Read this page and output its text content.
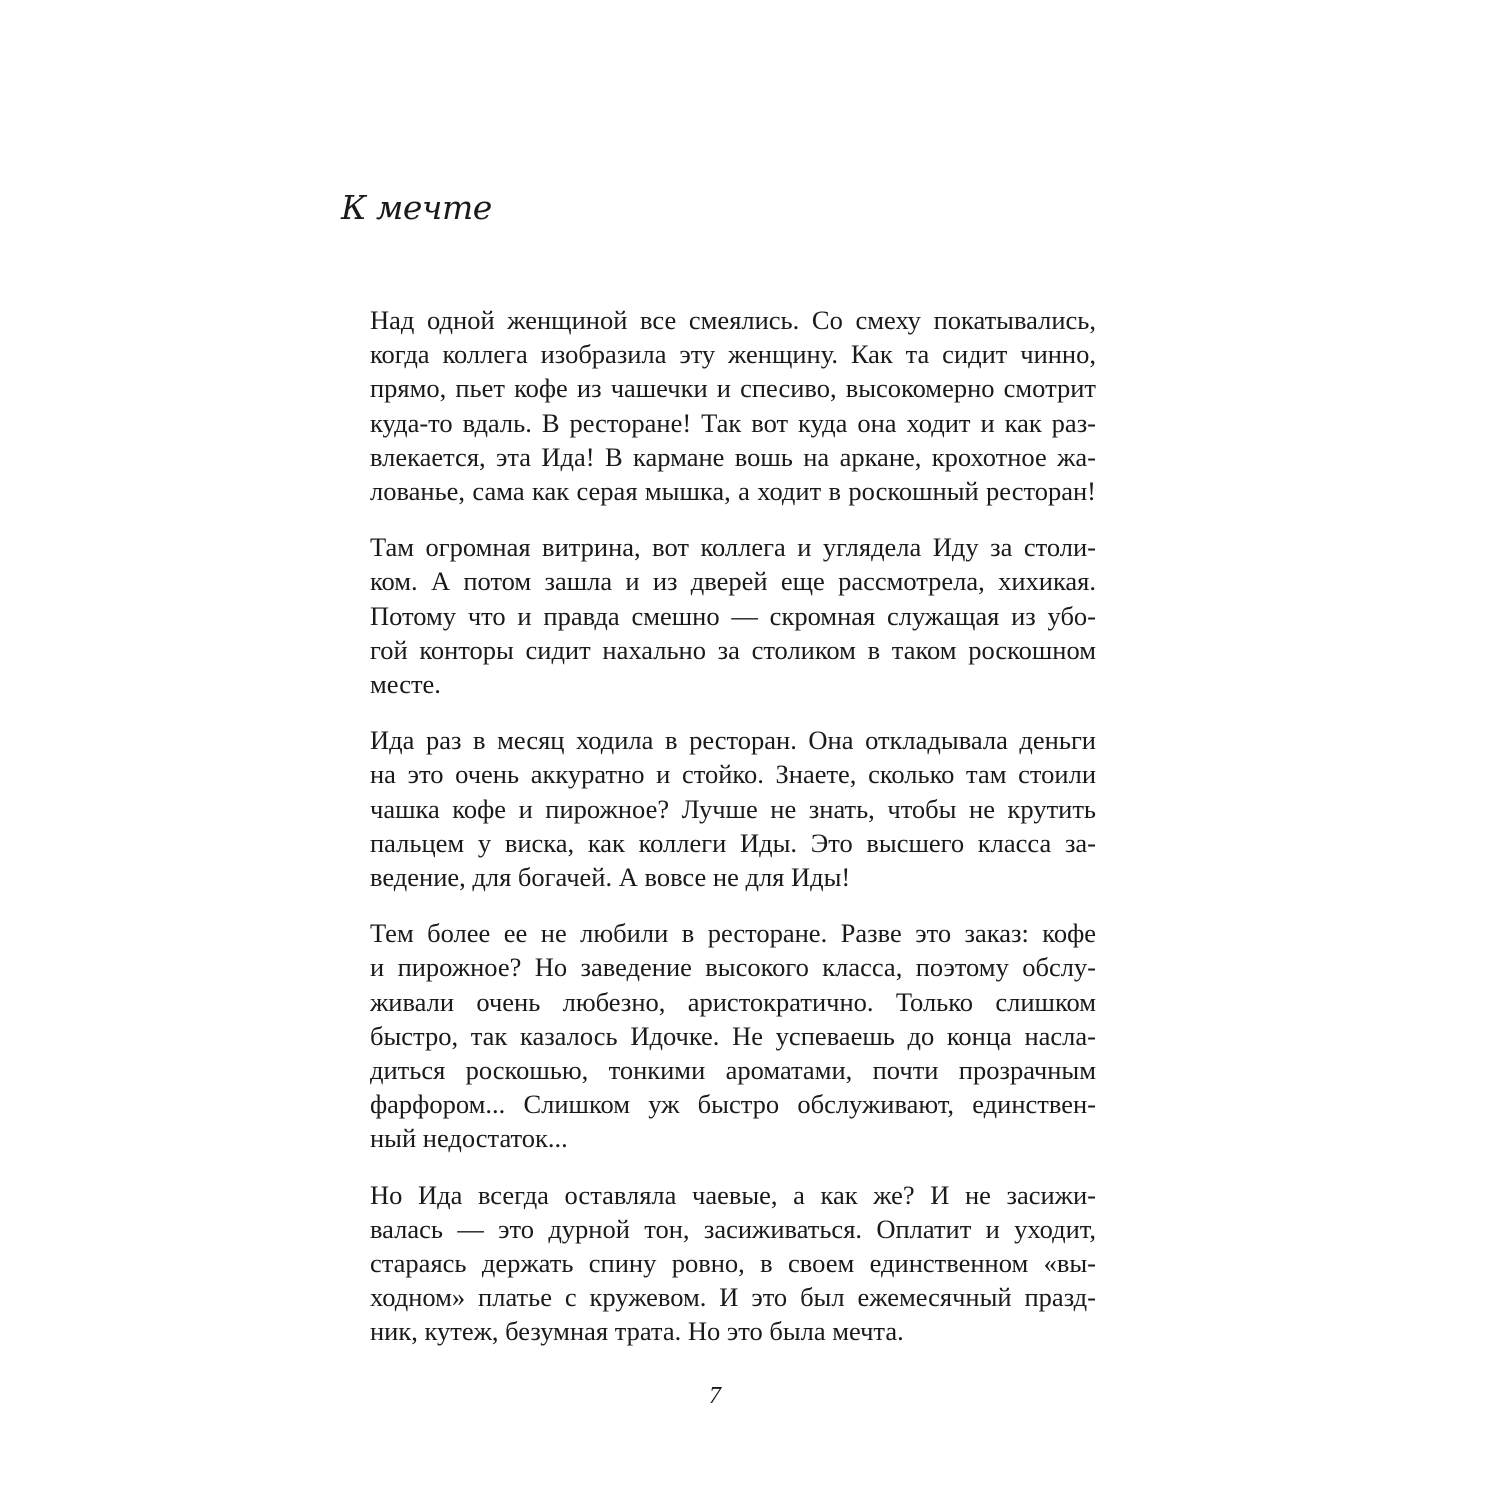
К мечте

Над одной женщиной все смеялись. Со смеху покатывались,
когда коллега изобразила эту женщину. Как та сидит чинно,
прямо, пьет кофе из чашечки и спесиво, высокомерно смотрит
куда-то вдаль. В ресторане! Так вот куда она ходит и как раз-
влекается, эта Ида! В кармане вошь на аркане, крохотное жа-
лованье, сама как серая мышка, а ходит в роскошный ресторан!

Там огромная витрина, вот коллега и углядела Иду за столи-
ком. А потом зашла и из дверей еще рассмотрела, хихикая.
Потому что и правда смешно — скромная служащая из убо-
гой конторы сидит нахально за столиком в таком роскошном
месте.

Ида раз в месяц ходила в ресторан. Она откладывала деньги
на это очень аккуратно и стойко. Знаете, сколько там стоили
чашка кофе и пирожное? Лучше не знать, чтобы не крутить
пальцем у виска, как коллеги Иды. Это высшего класса за-
ведение, для богачей. А вовсе не для Иды!

Тем более ее не любили в ресторане. Разве это заказ: кофе
и пирожное? Но заведение высокого класса, поэтому обслу-
живали очень любезно, аристократично. Только слишком
быстро, так казалось Идочке. Не успеваешь до конца насла-
диться роскошью, тонкими ароматами, почти прозрачным
фарфором... Слишком уж быстро обслуживают, единствен-
ный недостаток...

Но Ида всегда оставляла чаевые, а как же? И не засижи-
валась — это дурной тон, засиживаться. Оплатит и уходит,
стараясь держать спину ровно, в своем единственном «вы-
ходном» платье с кружевом. И это был ежемесячный празд-
ник, кутеж, безумная трата. Но это была мечта.

7
